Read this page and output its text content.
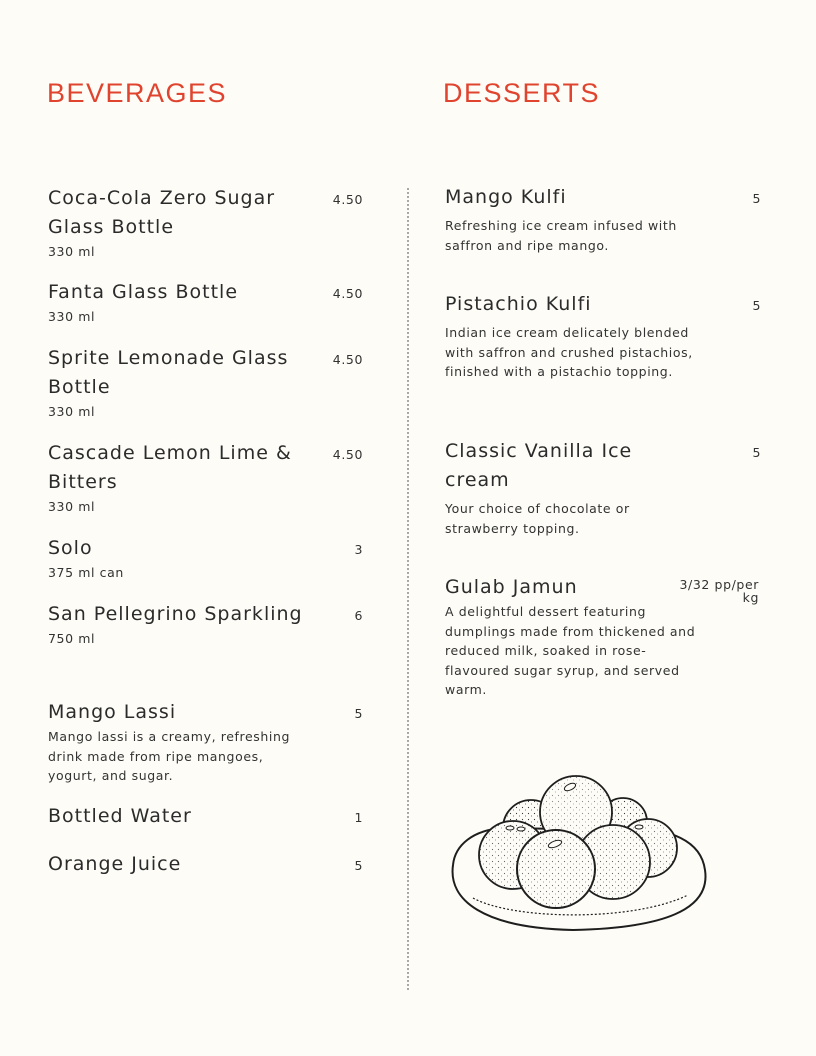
BEVERAGES	DESSERTS
Coca-Cola Zero Sugar Glass Bottle
330 ml
4.50
Fanta Glass Bottle
330 ml
4.50
Sprite Lemonade Glass Bottle
330 ml
4.50
Cascade Lemon Lime & Bitters
330 ml
4.50
Solo
375 ml can
3
San Pellegrino Sparkling
750 ml
6
Mango Lassi
Mango lassi is a creamy, refreshing drink made from ripe mangoes, yogurt, and sugar.
5
Bottled Water	1
Orange Juice	5
Mango Kulfi
Refreshing ice cream infused with saffron and ripe mango.
5
Pistachio Kulfi
Indian ice cream delicately blended with saffron and crushed pistachios, finished with a pistachio topping.
5
Classic Vanilla Ice cream
Your choice of chocolate or strawberry topping.
5
Gulab Jamun
A delightful dessert featuring dumplings made from thickened and reduced milk, soaked in rose-flavoured sugar syrup, and served warm.
3/32 pp/per kg
